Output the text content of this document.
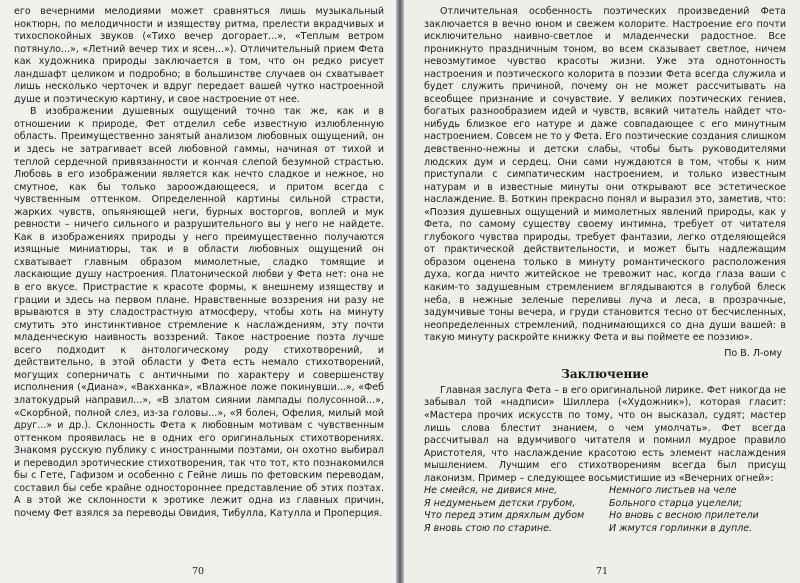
его вечерними мелодиями может сравняться лишь музыкальный ноктюрн, по мелодичности и изяществу ритма, прелести вкрадчивых и тихоспокойных звуков («Тихо вечер догорает...», «Теплым ветром потянуло...», «Летний вечер тих и ясен...»). Отличительный прием Фета как художника природы заключается в том, что он редко рисует ландшафт целиком и подробно; в большинстве случаев он схватывает лишь несколько черточек и вдруг передает вашей чутко настроенной душе и поэтическую картину, и свое настроение от нее.

В изображении душевных ощущений точно так же, как и в отношении к природе, Фет отделил себе известную излюбленную область. Преимущественно занятый анализом любовных ощущений, он и здесь не затрагивает всей любовной гаммы, начиная от тихой и теплой сердечной привязанности и кончая слепой безумной страстью. Любовь в его изображении является как нечто сладкое и нежное, но смутное, как бы только зароождающееся, и притом всегда с чувственным оттенком. Определенной картины сильной страсти, жарких чувств, опьяняющей неги, бурных восторгов, воплей и мук ревности – ничего сильного и разрушительного вы у него не найдете. Как в изображениях природы у него преимущественно получаются изящные миниатюры, так и в области любовных ощущений он схватывает главным образом мимолетные, сладко томящие и ласкающие душу настроения. Платонической любви у Фета нет: она не в его вкусе. Пристрастие к красоте формы, к внешнему изяществу и грации и здесь на первом плане. Нравственные воззрения ни разу не врываются в эту сладострастную атмосферу, чтобы хоть на минуту смутить это инстинктивное стремление к наслаждениям, эту почти младенческую наивность воззрений. Такое настроение поэта лучше всего подходит к антологическому роду стихотворений, и действительно, в этой области у Фета есть немало стихотворений, могущих соперничать с античными по характеру и совершенству исполнения («Диана», «Вакханка», «Влажное ложе покинувши...», «Феб златокудрый направил...», «В златом сиянии лампады полусонной...», «Скорбной, полной слез, из-за головы...», «Я болен, Офелия, милый мой друг...» и др.). Склонность Фета к любовным мотивам с чувственным оттенком проявилась не в одних его оригинальных стихотворениях. Знакомя русскую публику с иностранными поэтами, он охотно выбирал и переводил эротические стихотворения, так что тот, кто познакомился бы с Гете, Гафизом и особенно с Гейне лишь по фетовским переводам, составил бы себе крайне одностороннее представление об этих поэтах. А в этой же склонности к эротике лежит одна из главных причин, почему Фет взялся за переводы Овидия, Тибулла, Катулла и Проперция.

70

Отличительная особенность поэтических произведений Фета заключается в вечно юном и свежем колорите. Настроение его почти исключительно наивно-светлое и младенчески радостное. Все проникнуто праздничным тоном, во всем сказывает светлое, ничем невозмутимое чувство красоты жизни. Уже эта однотонность настроения и поэтического колорита в поэзии Фета всегда служила и будет служить причиной, почему он не может рассчитывать на всеобщее признание и сочувствие. У великих поэтических гениев, богатых разнообразием идей и чувств, всякий читатель найдет что-нибудь близкое его натуре и даже совпадающее с его минутным настроением. Совсем не то у Фета. Его поэтические создания слишком девственно-нежны и детски слабы, чтобы быть руководителями людских дум и сердец. Они сами нуждаются в том, чтобы к ним приступали с симпатическим настроением, и только известным натурам и в известные минуты они открывают все эстетическое наслаждение. В. Боткин прекрасно понял и выразил это, заметив, что: «Поэзия душевных ощущений и мимолетных явлений природы, как у Фета, по самому существу своему интимна, требует от читателя глубокого чувства природы, требует фантазии, легко отделяющейся от практической действительности, и может быть надлежащим образом оценена только в минуту романтического расположения духа, когда ничто житейское не тревожит нас, когда глаза ваши с каким-то задушевным стремлением вглядываются в голубой блеск неба, в нежные зеленые переливы луча и леса, в прозрачные, задумчивые тоны вечера, и груди становится тесно от бесчисленных, неопределенных стремлений, поднимающихся со дна души вашей: в такую минуту раскройте книжку Фета и вы поймете ее поэзию».

По В. Л-ому
Заключение

Главная заслуга Фета – в его оригинальной лирике. Фет никогда не забывал той «надписи» Шиллера («Художник»), которая гласит: «Мастера прочих искусств по тому, что он высказал, судят; мастер лишь слова блестит знанием, о чем умолчать». Фет всегда рассчитывал на вдумчивого читателя и помнил мудрое правило Аристотеля, что наслаждение красотою есть элемент наслаждения мышлением. Лучшим его стихотворениям всегда был присущ лаконизм. Пример – следующее восьмистишие из «Вечерних огней»:

Не смейся, не дивися мне,
Я недуменьем детски грубом,
Что перед этим дряхлым дубом
Я вновь стою по старине.
Немного листьев на челе
Больного старца уцелели;
Но вновь с весною прилетели
И жмутся горлинки в дупле.
71
